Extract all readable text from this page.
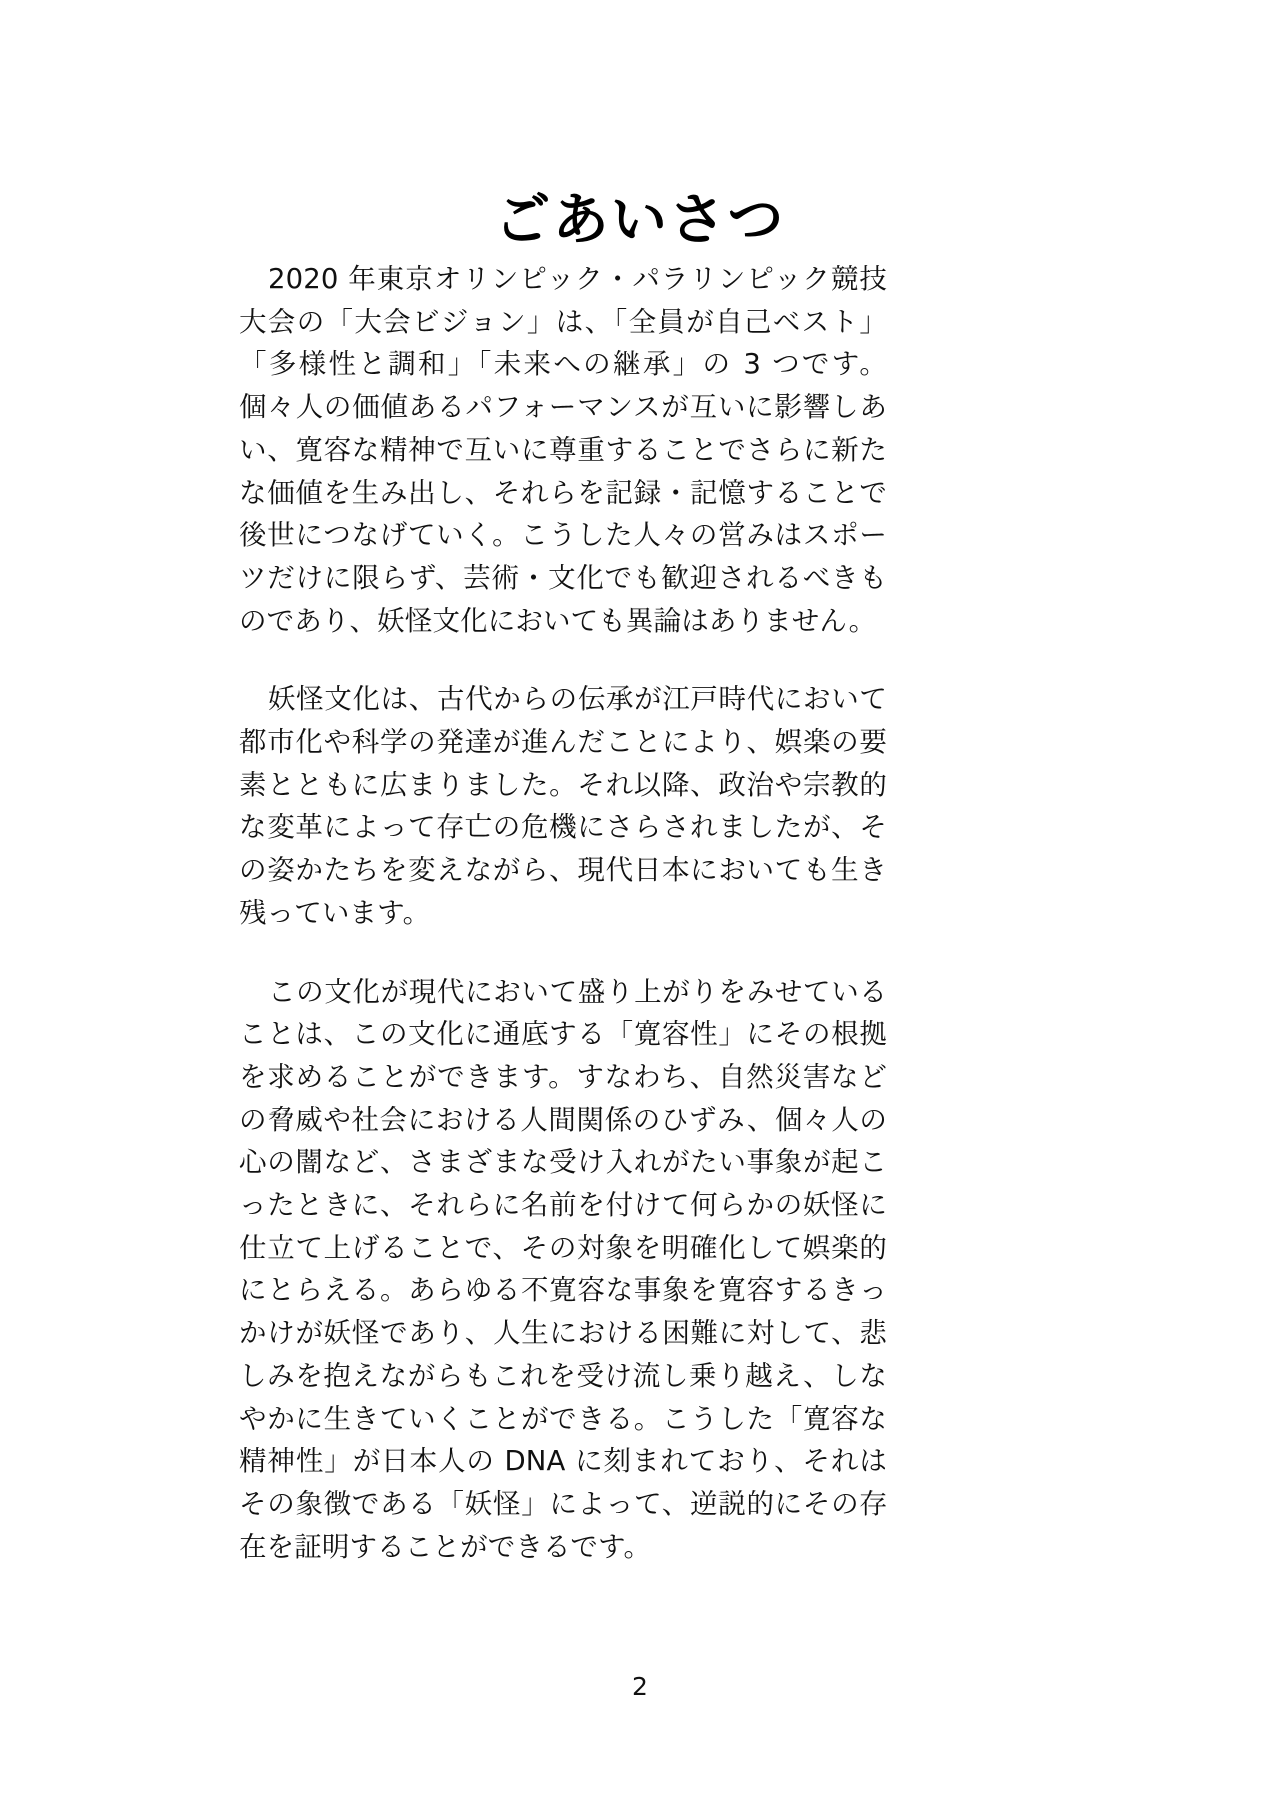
ごあいさつ

2020 年東京オリンピック・パラリンピック競技大会の「大会ビジョン」は、「全員が自己ベスト」「多様性と調和」「未来への継承」の 3 つです。個々人の価値あるパフォーマンスが互いに影響しあい、寛容な精神で互いに尊重することでさらに新たな価値を生み出し、それらを記録・記憶することで後世につなげていく。こうした人々の営みはスポーツだけに限らず、芸術・文化でも歓迎されるべきものであり、妖怪文化においても異論はありません。

妖怪文化は、古代からの伝承が江戸時代において都市化や科学の発達が進んだことにより、娯楽の要素とともに広まりました。それ以降、政治や宗教的な変革によって存亡の危機にさらされましたが、その姿かたちを変えながら、現代日本においても生き残っています。

この文化が現代において盛り上がりをみせていることは、この文化に通底する「寛容性」にその根拠を求めることができます。すなわち、自然災害などの脅威や社会における人間関係のひずみ、個々人の心の闇など、さまざまな受け入れがたい事象が起こったときに、それらに名前を付けて何らかの妖怪に仕立て上げることで、その対象を明確化して娯楽的にとらえる。あらゆる不寛容な事象を寛容するきっかけが妖怪であり、人生における困難に対して、悲しみを抱えながらもこれを受け流し乗り越え、しなやかに生きていくことができる。こうした「寛容な精神性」が日本人の DNA に刻まれており、それはその象徴である「妖怪」によって、逆説的にその存在を証明することができるです。

2
